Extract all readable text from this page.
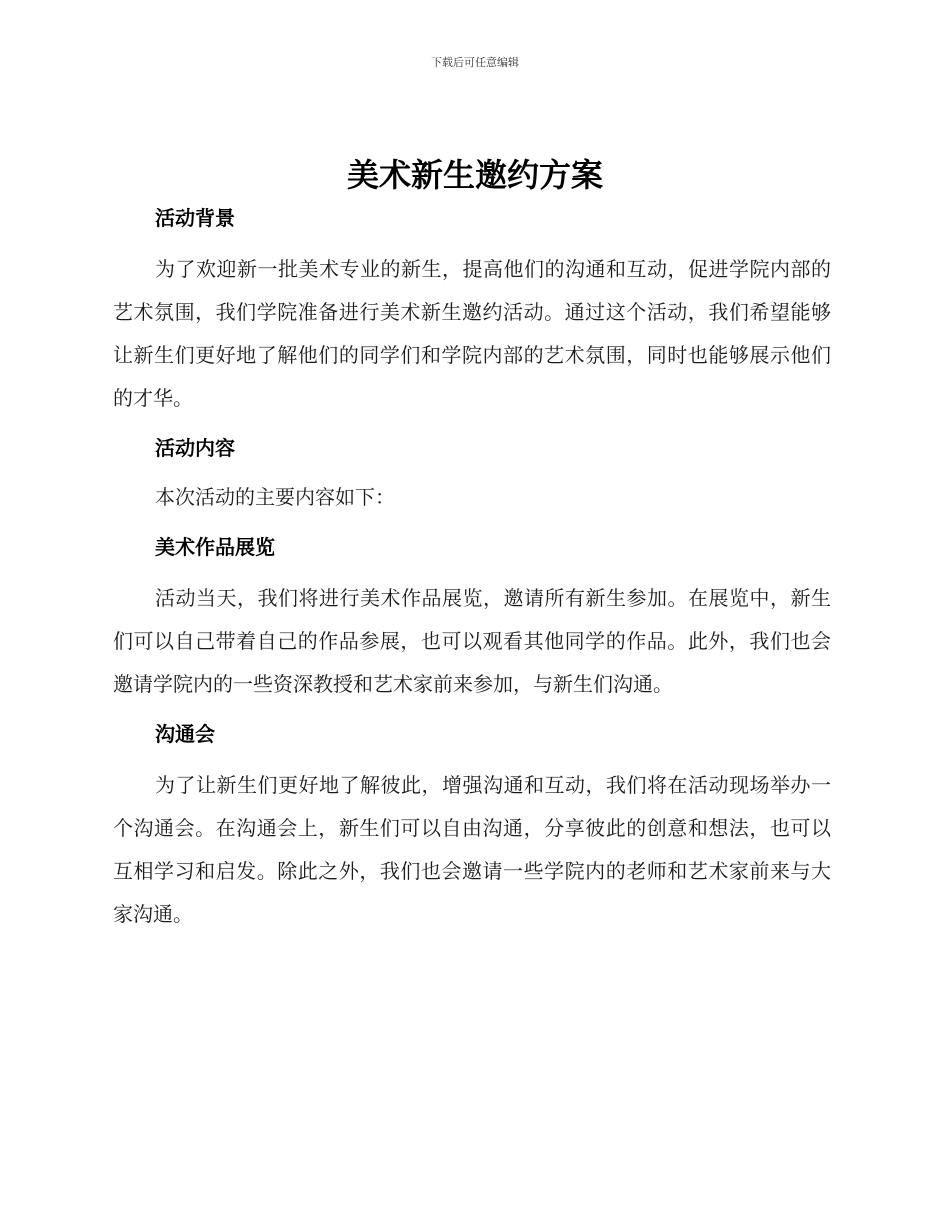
下载后可任意编辑
美术新生邀约方案
活动背景

为了欢迎新一批美术专业的新生，提高他们的沟通和互动，促进学院内部的艺术氛围，我们学院准备进行美术新生邀约活动。通过这个活动，我们希望能够让新生们更好地了解他们的同学们和学院内部的艺术氛围，同时也能够展示他们的才华。

活动内容

本次活动的主要内容如下：

美术作品展览

活动当天，我们将进行美术作品展览，邀请所有新生参加。在展览中，新生们可以自己带着自己的作品参展，也可以观看其他同学的作品。此外，我们也会邀请学院内的一些资深教授和艺术家前来参加，与新生们沟通。

沟通会

为了让新生们更好地了解彼此，增强沟通和互动，我们将在活动现场举办一个沟通会。在沟通会上，新生们可以自由沟通，分享彼此的创意和想法，也可以互相学习和启发。除此之外，我们也会邀请一些学院内的老师和艺术家前来与大家沟通。
